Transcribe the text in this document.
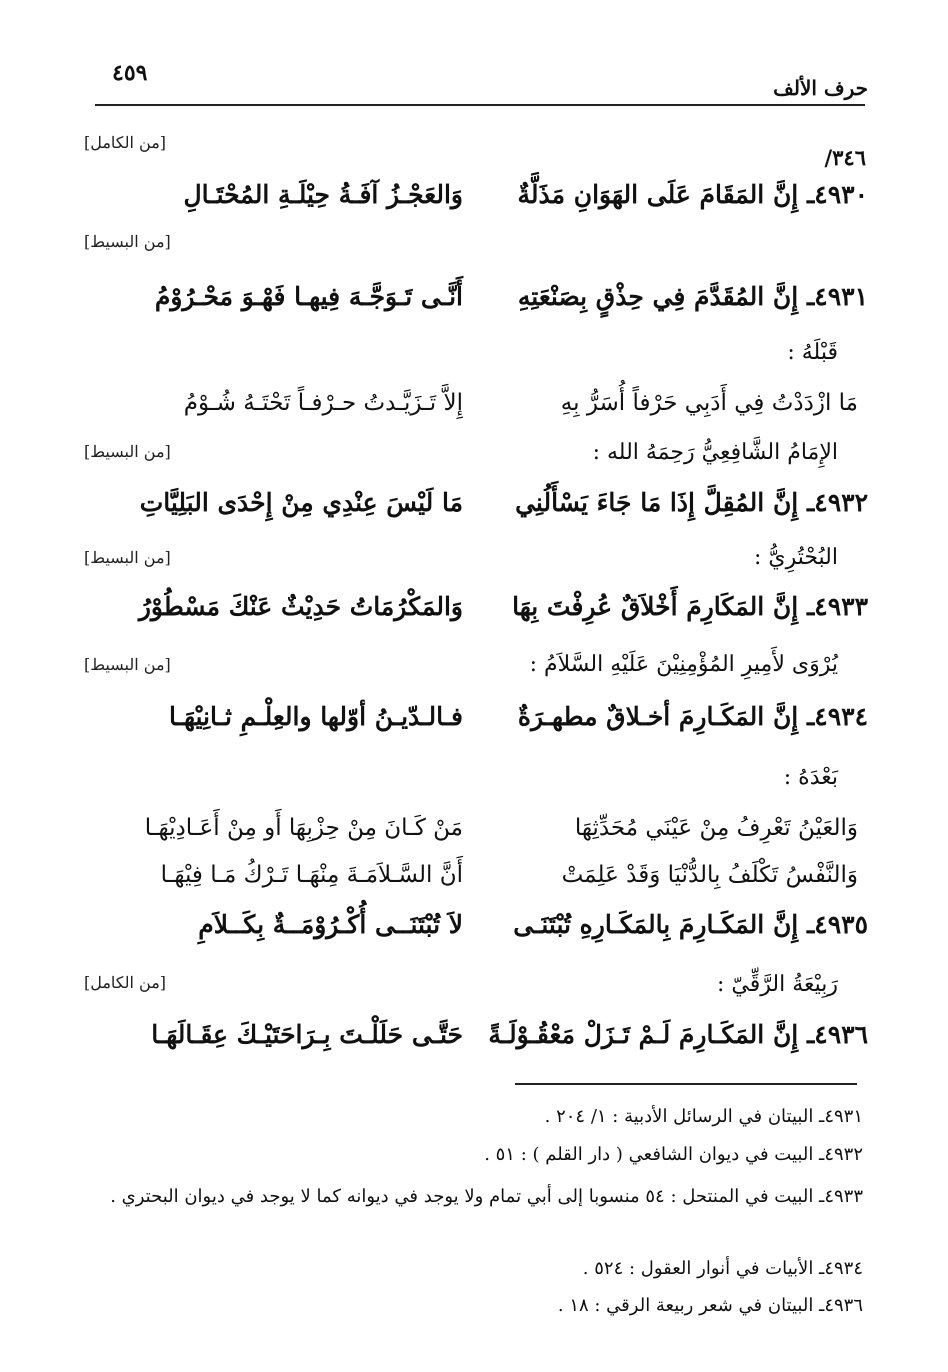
٤٥٩
حرف الألف
/٣٤٦
[من الكامل]
٤٩٣٠ـ إِنَّ المَقَامَ عَلَى الهَوَانِ مَذَلَّةٌ
وَالعَجْـزُ آفَـةُ حِيْلَـةِ المُحْتَـالِ
[من البسيط]
٤٩٣١ـ إِنَّ المُقَدَّمَ فِي حِذْقٍ بِصَنْعَتِهِ
أَنَّـى تَـوَجَّـهَ فِيهـا فَهْـوَ مَحْـرُوْمُ
قَبْلَهُ :
مَا ازْدَدْتُ فِي أَدَبِي حَرْفاً أُسَرُّ بِهِ
إِلاَّ تَـزَيَّـدتُ حـرْفـاً تَحْتَـهُ شُـوْمُ
الإِمَامُ الشَّافِعِيُّ رَحِمَهُ الله :
[من البسيط]
٤٩٣٢ـ إِنَّ المُقِلَّ إِذَا مَا جَاءَ يَسْأَلُنِي
مَا لَيْسَ عِنْدِي مِنْ إِحْدَى البَلِيَّاتِ
البُحْتُرِيُّ :
[من البسيط]
٤٩٣٣ـ إِنَّ المَكَارِمَ أَخْلاَقٌ عُرِفْتَ بِهَا
وَالمَكْرُمَاتُ حَدِيْثٌ عَنْكَ مَسْطُوْرُ
يُرْوَى لأَمِيرِ المُؤْمِنِيْنَ عَلَيْهِ السَّلاَمُ :
[من البسيط]
٤٩٣٤ـ إِنَّ المَكَـارِمَ أخـلاقٌ مطهـرَةٌ
فـالـدّيـنُ أوّلها والعِلْـمِ ثـانِيْهَـا
بَعْدَهُ :
وَالعَيْنُ تَعْرِفُ مِنْ عَيْنَي مُحَدِّثِهَا
مَنْ كَـانَ مِنْ حِزْبِهَا أَو مِنْ أَعَـادِيْهَـا
وَالنَّفْسُ تَكْلَفُ بِالدُّنْيَا وَقَدْ عَلِمَتْ
أَنَّ السَّـلاَمَـةَ مِنْهَـا تَـرْكُ مَـا فِيْهَـا
٤٩٣٥ـ إِنَّ المَكَـارِمَ بِالمَكَـارِهِ تُبْتَنَـى
لاَ تُبْتَنَــى أُكْـرُوْمَــةٌ بِكَــلاَمِ
رَبِيْعَةُ الرَّقِّيّ :
[من الكامل]
٤٩٣٦ـ إِنَّ المَكَـارِمَ لَـمْ تَـزَلْ مَعْقُـوْلَـةً
حَتَّـى حَلَلْـتَ بِـرَاحَتَيْـكَ عِقَـالَهَـا
٤٩٣١ـ البيتان في الرسائل الأدبية : ١/ ٢٠٤ .
٤٩٣٢ـ البيت في ديوان الشافعي ( دار القلم ) : ٥١ .
٤٩٣٣ـ البيت في المنتحل : ٥٤ منسوبا إلى أبي تمام ولا يوجد في ديوانه كما لا يوجد في ديوان البحتري .
٤٩٣٤ـ الأبيات في أنوار العقول : ٥٢٤ .
٤٩٣٦ـ البيتان في شعر ربيعة الرقي : ١٨ .
